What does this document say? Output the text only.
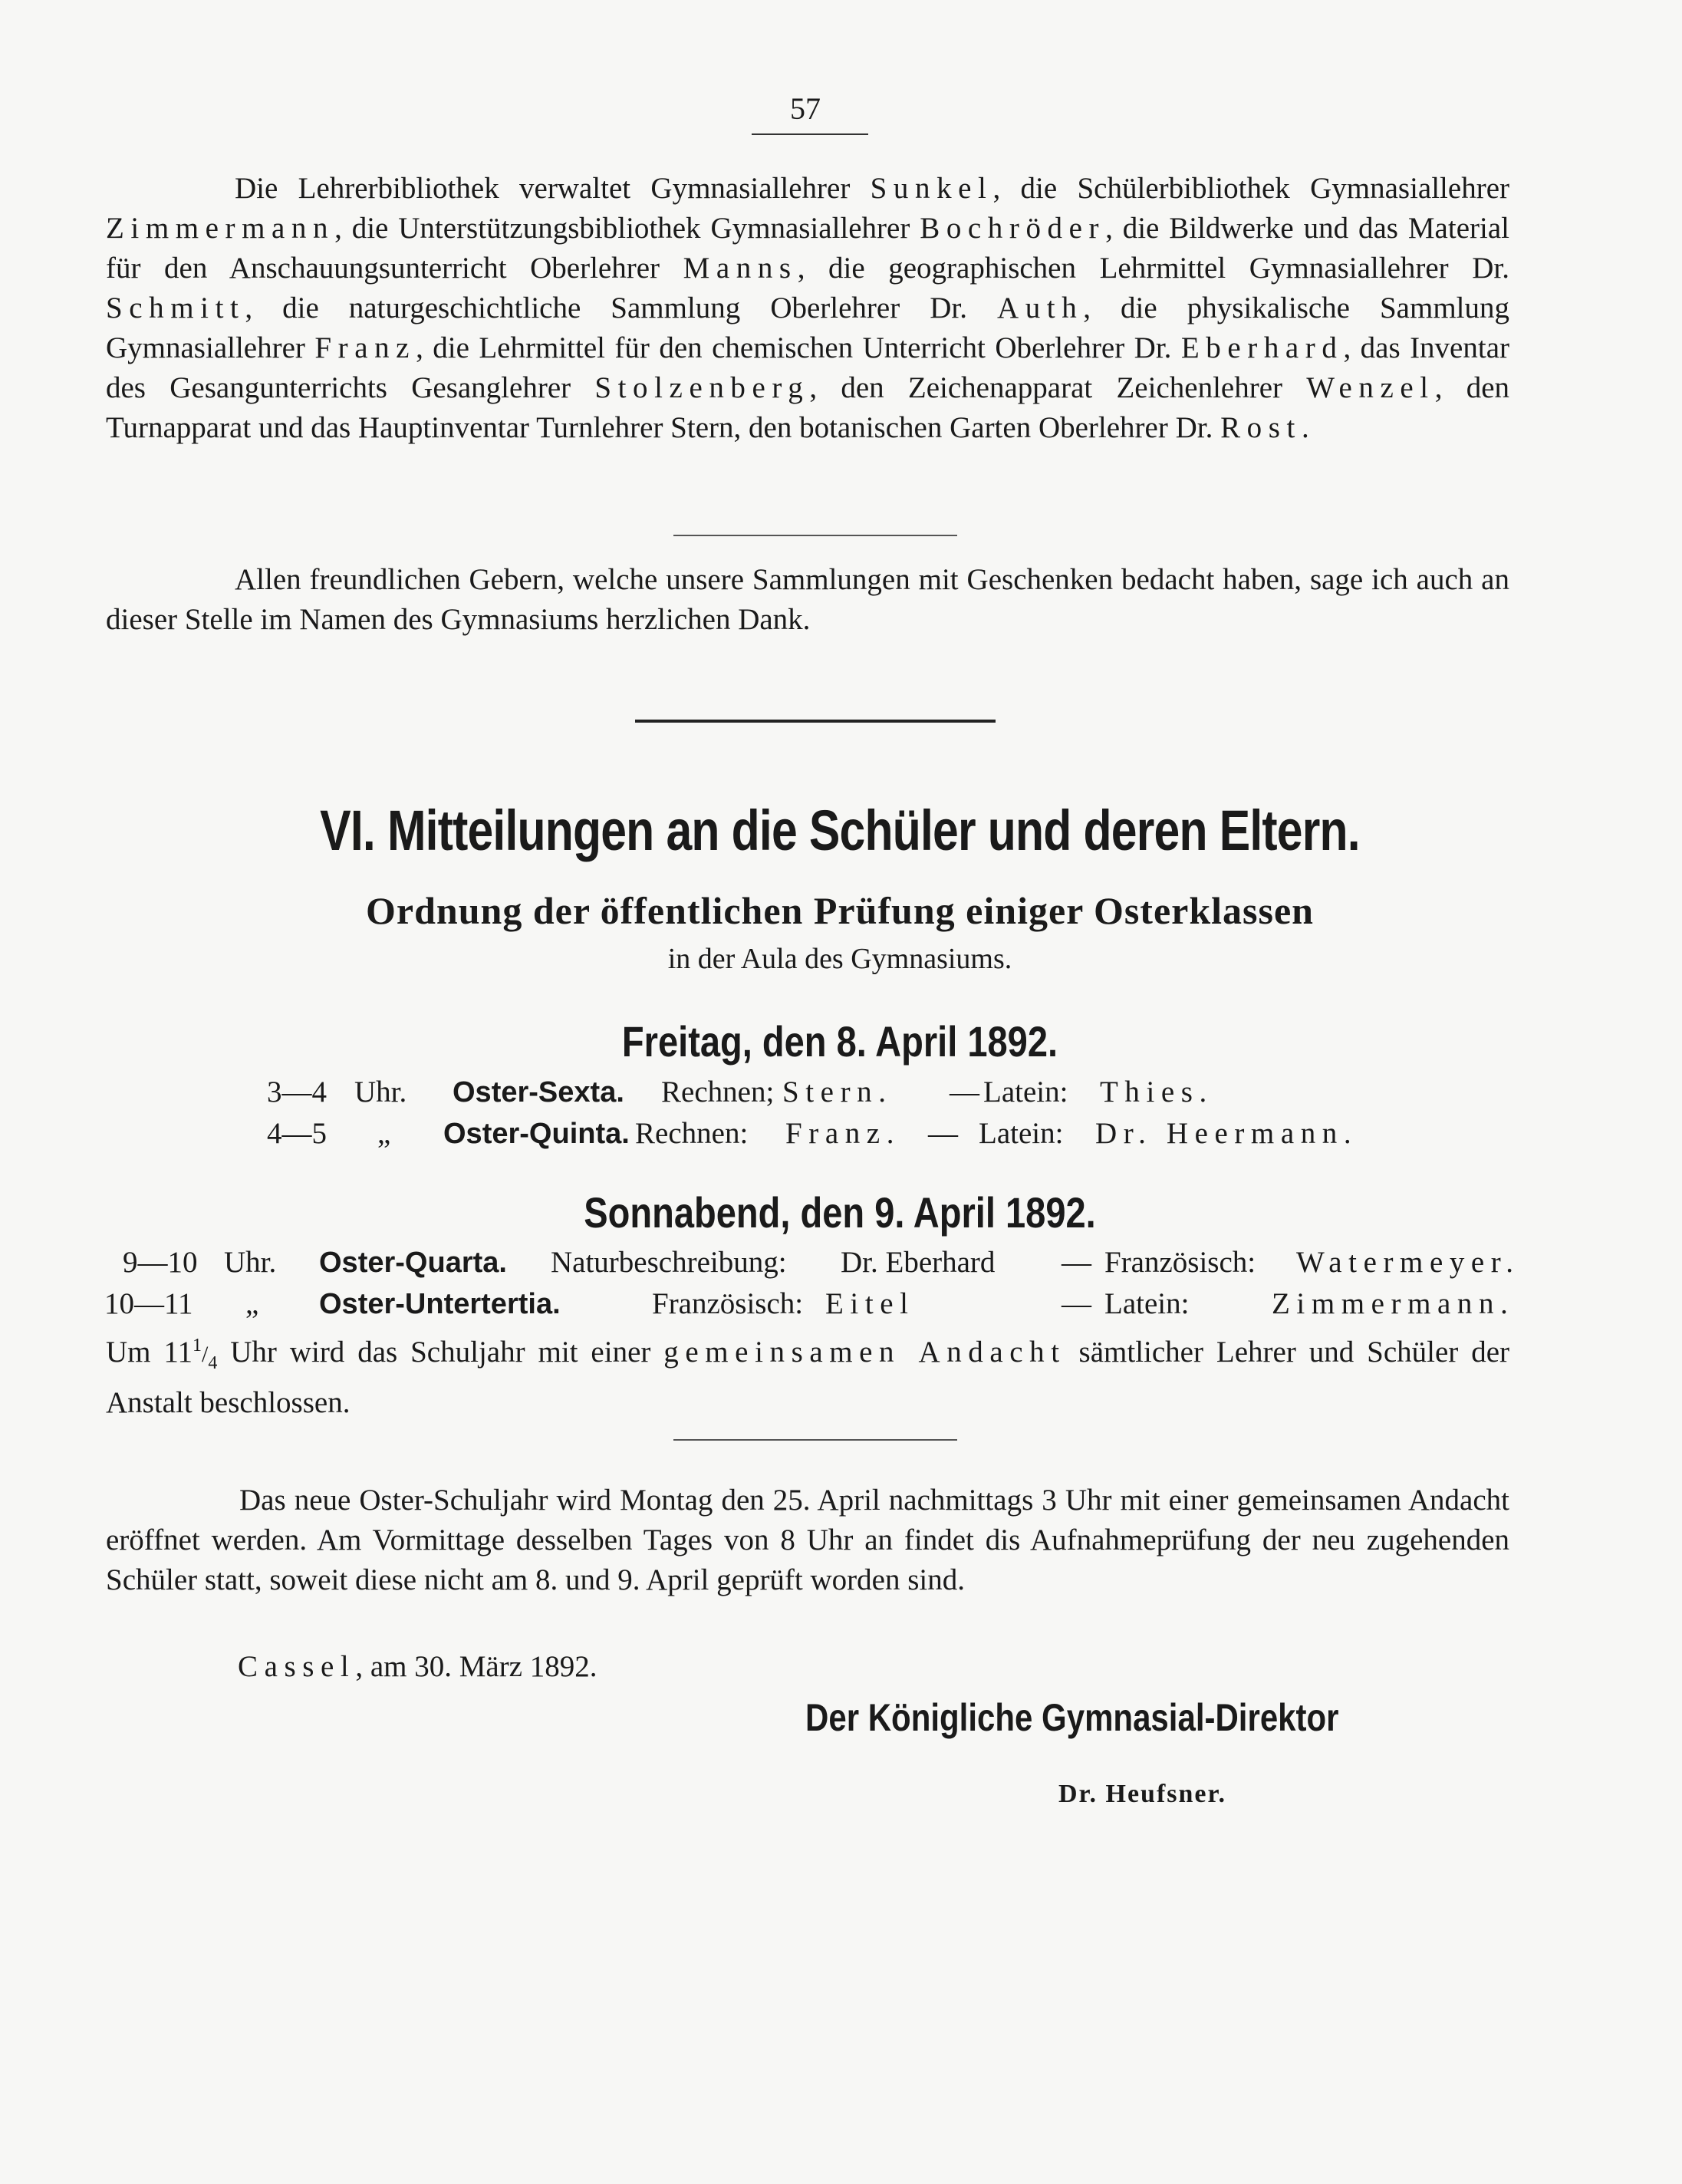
57
Die Lehrerbibliothek verwaltet Gymnasiallehrer Sunkel, die Schülerbibliothek Gymnasiallehrer Zimmermann, die Unterstützungsbibliothek Gymnasiallehrer Bochröder, die Bildwerke und das Material für den Anschauungsunterricht Oberlehrer Manns, die geographischen Lehrmittel Gymnasiallehrer Dr. Schmitt, die naturgeschichtliche Sammlung Oberlehrer Dr. Auth, die physikalische Sammlung Gymnasiallehrer Franz, die Lehrmittel für den chemischen Unterricht Oberlehrer Dr. Eberhard, das Inventar des Gesangunterrichts Gesanglehrer Stolzenberg, den Zeichenapparat Zeichenlehrer Wenzel, den Turnapparat und das Hauptinventar Turnlehrer Stern, den botanischen Garten Oberlehrer Dr. Rost.
Allen freundlichen Gebern, welche unsere Sammlungen mit Geschenken bedacht haben, sage ich auch an dieser Stelle im Namen des Gymnasiums herzlichen Dank.
VI. Mitteilungen an die Schüler und deren Eltern.
Ordnung der öffentlichen Prüfung einiger Osterklassen
in der Aula des Gymnasiums.
Freitag, den 8. April 1892.
3—4 Uhr. Oster-Sexta. Rechnen; Stern. — Latein: Thies.
4—5 „ Oster-Quinta. Rechnen: Franz. — Latein: Dr. Heermann.
Sonnabend, den 9. April 1892.
9—10 Uhr. Oster-Quarta. Naturbeschreibung: Dr. Eberhard — Französisch: Watermeyer.
10—11 „ Oster-Untertertia.	Französisch: Eitel	— Latein:	Zimmermann.
Um $11^1/_4$ Uhr wird das Schuljahr mit einer gemeinsamen Andacht sämtlicher Lehrer und Schüler der Anstalt beschlossen.
Das neue Oster-Schuljahr wird Montag den 25. April nachmittags 3 Uhr mit einer gemeinsamen Andacht eröffnet werden. Am Vormittage desselben Tages von 8 Uhr an findet dis Aufnahmeprüfung der neu zugehenden Schüler statt, soweit diese nicht am 8. und 9. April geprüft worden sind.
Cassel, am 30. März 1892.
Der Königliche Gymnasial-Direktor
Dr. Heufsner.
